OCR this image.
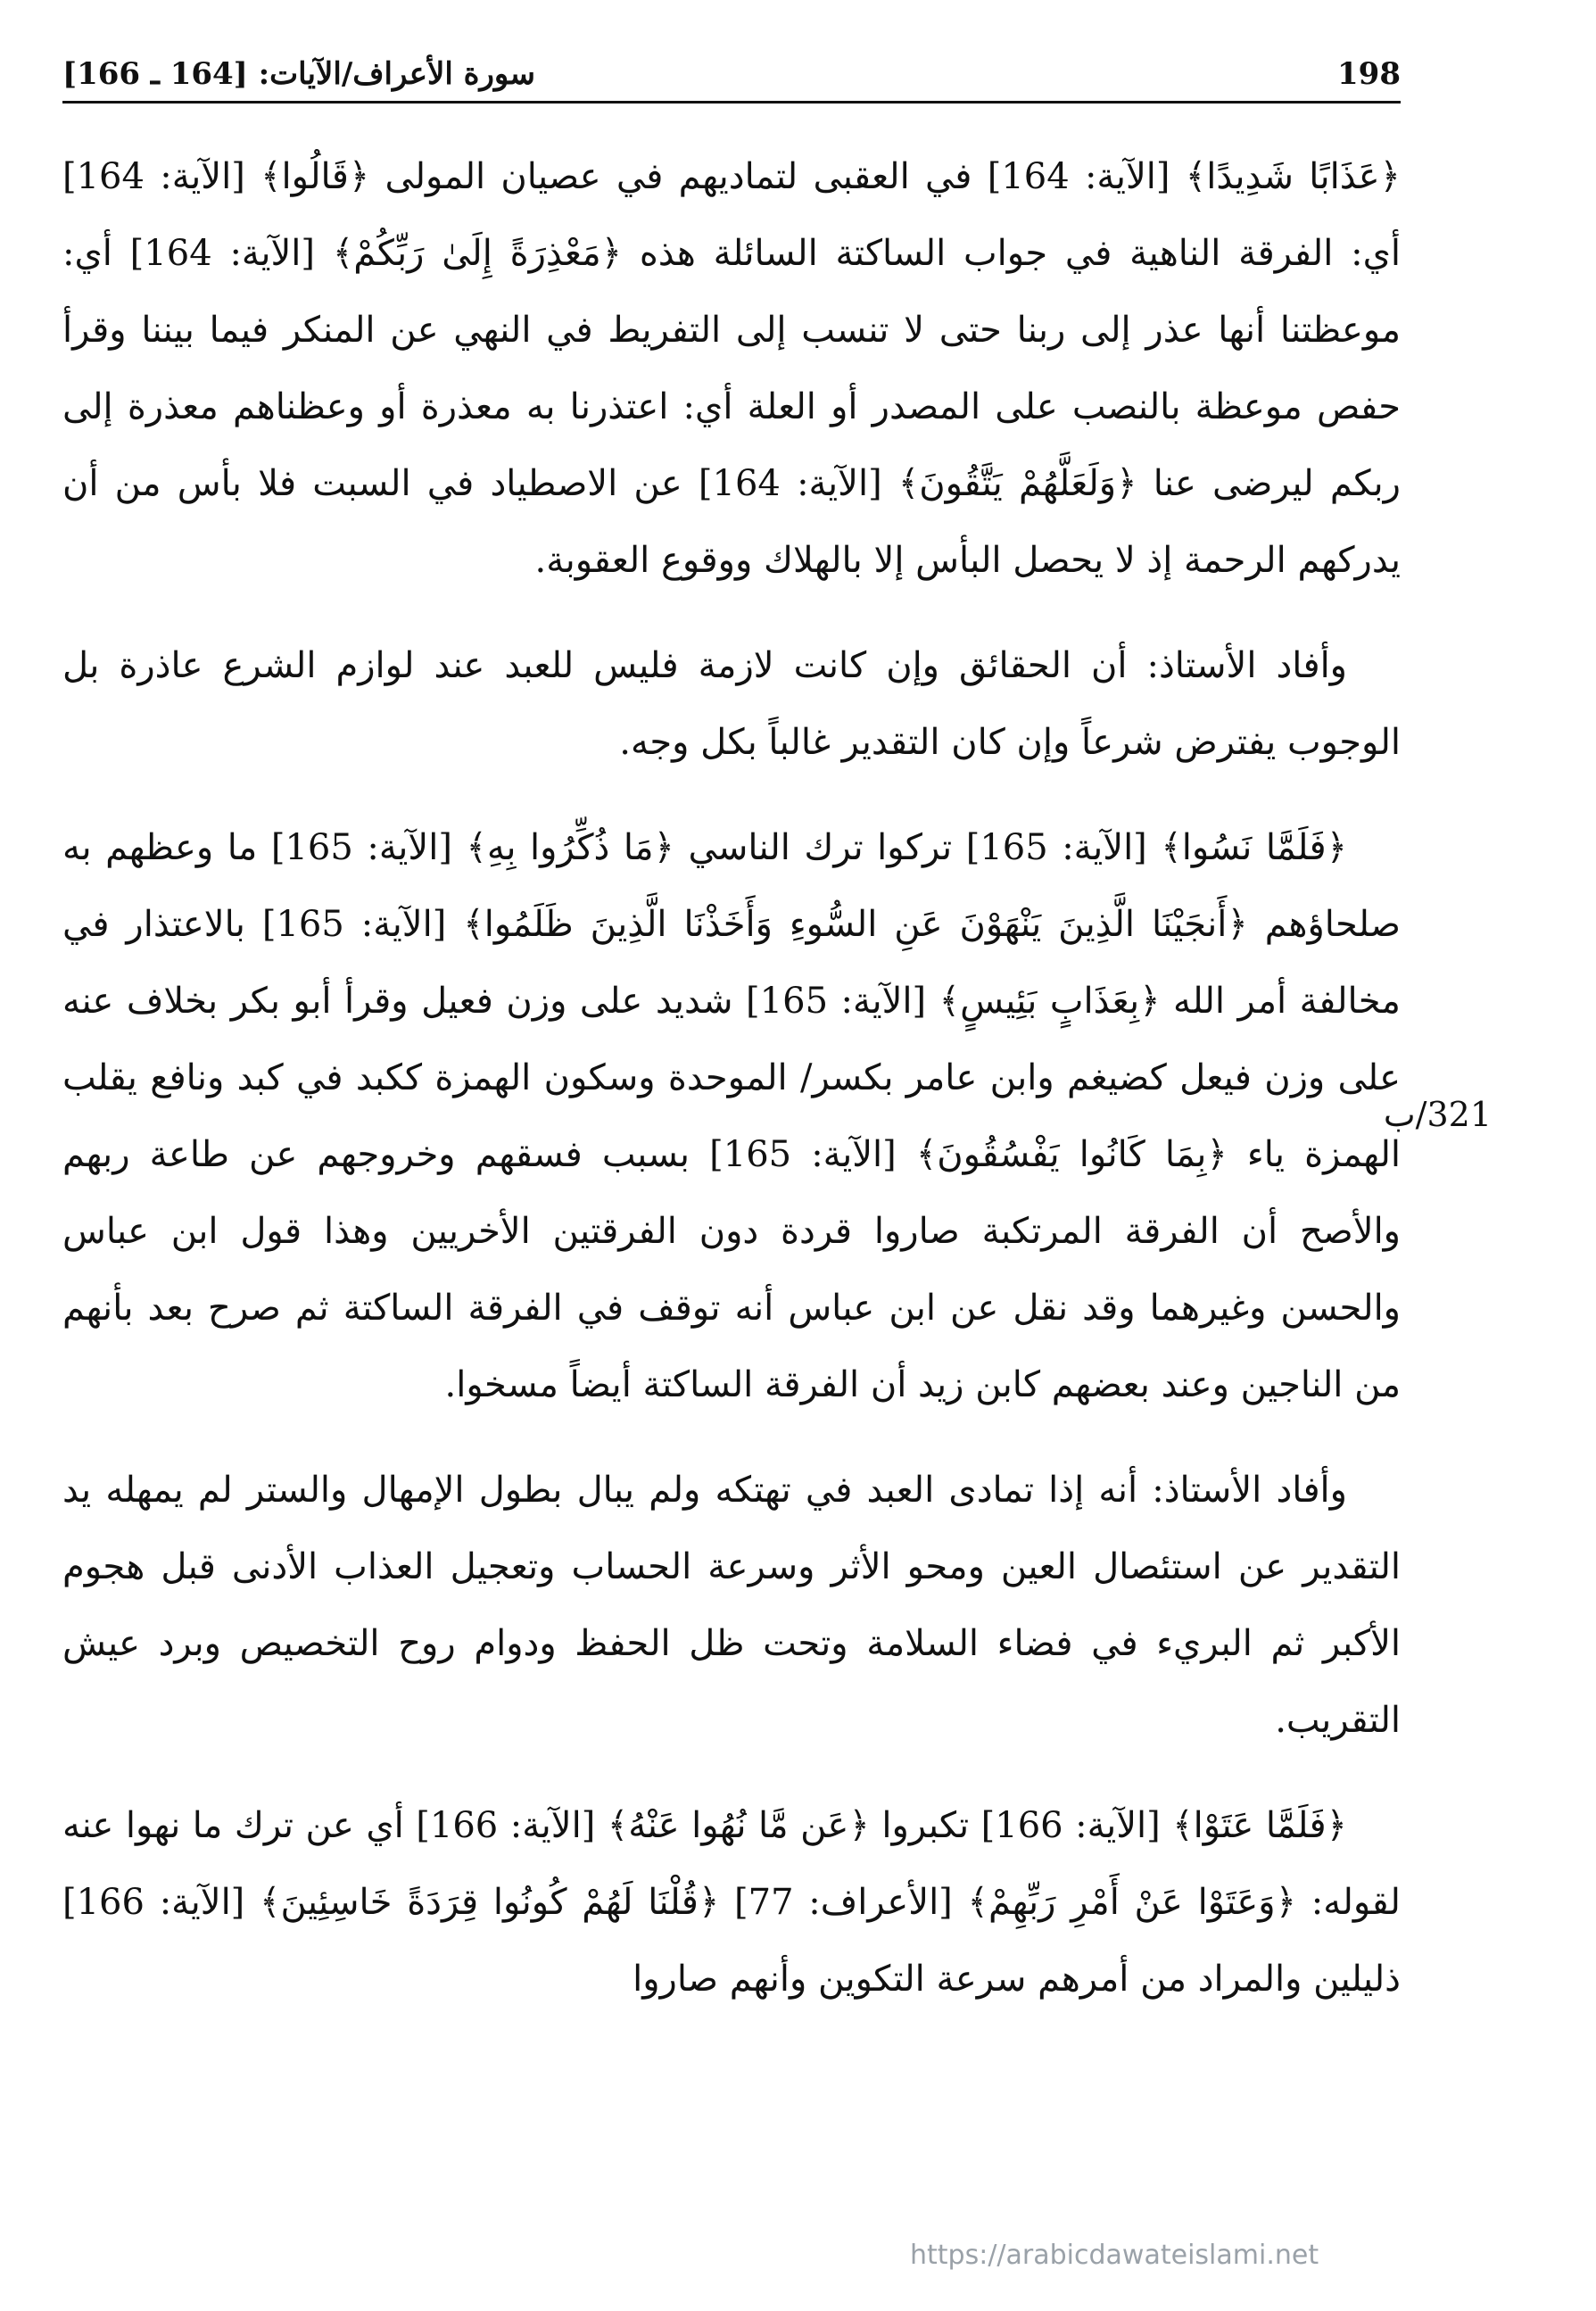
198
سورة الأعراف/الآيات: [164 ـ 166]
321/ب

﴿عَذَابًا شَدِيدًا﴾ [الآية: 164] في العقبى لتماديهم في عصيان المولى ﴿قَالُوا﴾ [الآية: 164] أي: الفرقة الناهية في جواب الساكتة السائلة هذه ﴿مَعْذِرَةً إِلَىٰ رَبِّكُمْ﴾ [الآية: 164] أي: موعظتنا أنها عذر إلى ربنا حتى لا تنسب إلى التفريط في النهي عن المنكر فيما بيننا وقرأ حفص موعظة بالنصب على المصدر أو العلة أي: اعتذرنا به معذرة أو وعظناهم معذرة إلى ربكم ليرضى عنا ﴿وَلَعَلَّهُمْ يَتَّقُونَ﴾ [الآية: 164] عن الاصطياد في السبت فلا بأس من أن يدركهم الرحمة إذ لا يحصل البأس إلا بالهلاك ووقوع العقوبة.

وأفاد الأستاذ: أن الحقائق وإن كانت لازمة فليس للعبد عند لوازم الشرع عاذرة بل الوجوب يفترض شرعاً وإن كان التقدير غالباً بكل وجه.

﴿فَلَمَّا نَسُوا﴾ [الآية: 165] تركوا ترك الناسي ﴿مَا ذُكِّرُوا بِهِ﴾ [الآية: 165] ما وعظهم به صلحاؤهم ﴿أَنجَيْنَا الَّذِينَ يَنْهَوْنَ عَنِ السُّوءِ وَأَخَذْنَا الَّذِينَ ظَلَمُوا﴾ [الآية: 165] بالاعتذار في مخالفة أمر الله ﴿بِعَذَابٍ بَئِيسٍ﴾ [الآية: 165] شديد على وزن فعيل وقرأ أبو بكر بخلاف عنه على وزن فيعل كضيغم وابن عامر بكسر/ الموحدة وسكون الهمزة ككبد في كبد ونافع يقلب الهمزة ياء ﴿بِمَا كَانُوا يَفْسُقُونَ﴾ [الآية: 165] بسبب فسقهم وخروجهم عن طاعة ربهم والأصح أن الفرقة المرتكبة صاروا قردة دون الفرقتين الأخريين وهذا قول ابن عباس والحسن وغيرهما وقد نقل عن ابن عباس أنه توقف في الفرقة الساكتة ثم صرح بعد بأنهم من الناجين وعند بعضهم كابن زيد أن الفرقة الساكتة أيضاً مسخوا.

وأفاد الأستاذ: أنه إذا تمادى العبد في تهتكه ولم يبال بطول الإمهال والستر لم يمهله يد التقدير عن استئصال العين ومحو الأثر وسرعة الحساب وتعجيل العذاب الأدنى قبل هجوم الأكبر ثم البريء في فضاء السلامة وتحت ظل الحفظ ودوام روح التخصيص وبرد عيش التقريب.

﴿فَلَمَّا عَتَوْا﴾ [الآية: 166] تكبروا ﴿عَن مَّا نُهُوا عَنْهُ﴾ [الآية: 166] أي عن ترك ما نهوا عنه لقوله: ﴿وَعَتَوْا عَنْ أَمْرِ رَبِّهِمْ﴾ [الأعراف: 77] ﴿قُلْنَا لَهُمْ كُونُوا قِرَدَةً خَاسِئِينَ﴾ [الآية: 166] ذليلين والمراد من أمرهم سرعة التكوين وأنهم صاروا

https://arabicdawateislami.net
